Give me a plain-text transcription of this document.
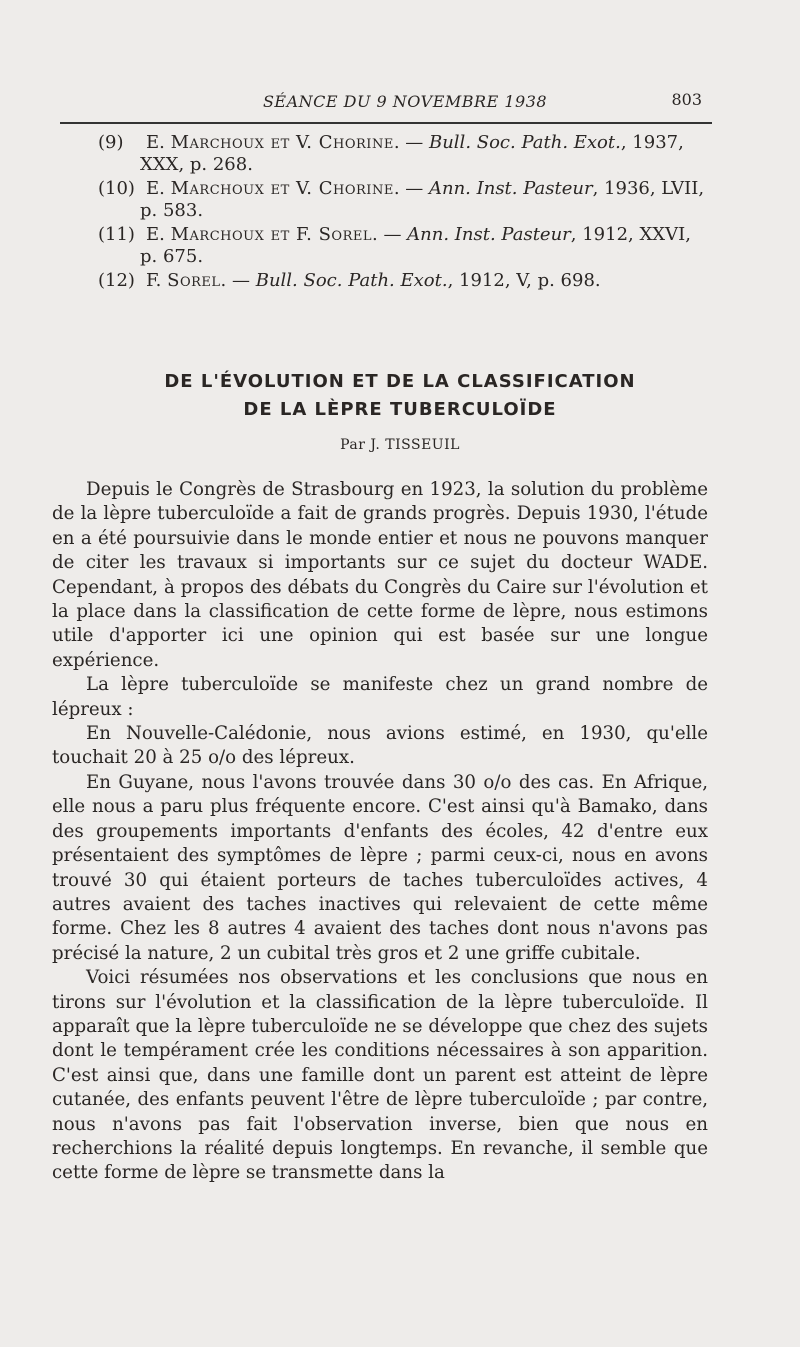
SÉANCE DU 9 NOVEMBRE 1938	803
(9) E. Marchoux et V. Chorine. — Bull. Soc. Path. Exot., 1937, XXX, p. 268.
(10) E. Marchoux et V. Chorine. — Ann. Inst. Pasteur, 1936, LVII, p. 583.
(11) E. Marchoux et F. Sorel. — Ann. Inst. Pasteur, 1912, XXVI, p. 675.
(12) F. Sorel. — Bull. Soc. Path. Exot., 1912, V, p. 698.
DE L'ÉVOLUTION ET DE LA CLASSIFICATION
DE LA LÈPRE TUBERCULOÏDE
Par J. TISSEUIL

Depuis le Congrès de Strasbourg en 1923, la solution du problème de la lèpre tuberculoïde a fait de grands progrès. Depuis 1930, l'étude en a été poursuivie dans le monde entier et nous ne pouvons manquer de citer les travaux si importants sur ce sujet du docteur WADE. Cependant, à propos des débats du Congrès du Caire sur l'évolution et la place dans la classification de cette forme de lèpre, nous estimons utile d'apporter ici une opinion qui est basée sur une longue expérience.

La lèpre tuberculoïde se manifeste chez un grand nombre de lépreux :

En Nouvelle-Calédonie, nous avions estimé, en 1930, qu'elle touchait 20 à 25 o/o des lépreux.

En Guyane, nous l'avons trouvée dans 30 o/o des cas. En Afrique, elle nous a paru plus fréquente encore. C'est ainsi qu'à Bamako, dans des groupements importants d'enfants des écoles, 42 d'entre eux présentaient des symptômes de lèpre ; parmi ceux-ci, nous en avons trouvé 30 qui étaient porteurs de taches tuberculoïdes actives, 4 autres avaient des taches inactives qui relevaient de cette même forme. Chez les 8 autres 4 avaient des taches dont nous n'avons pas précisé la nature, 2 un cubital très gros et 2 une griffe cubitale.

Voici résumées nos observations et les conclusions que nous en tirons sur l'évolution et la classification de la lèpre tuberculoïde. Il apparaît que la lèpre tuberculoïde ne se développe que chez des sujets dont le tempérament crée les conditions nécessaires à son apparition. C'est ainsi que, dans une famille dont un parent est atteint de lèpre cutanée, des enfants peuvent l'être de lèpre tuberculoïde ; par contre, nous n'avons pas fait l'observation inverse, bien que nous en recherchions la réalité depuis longtemps. En revanche, il semble que cette forme de lèpre se transmette dans la
